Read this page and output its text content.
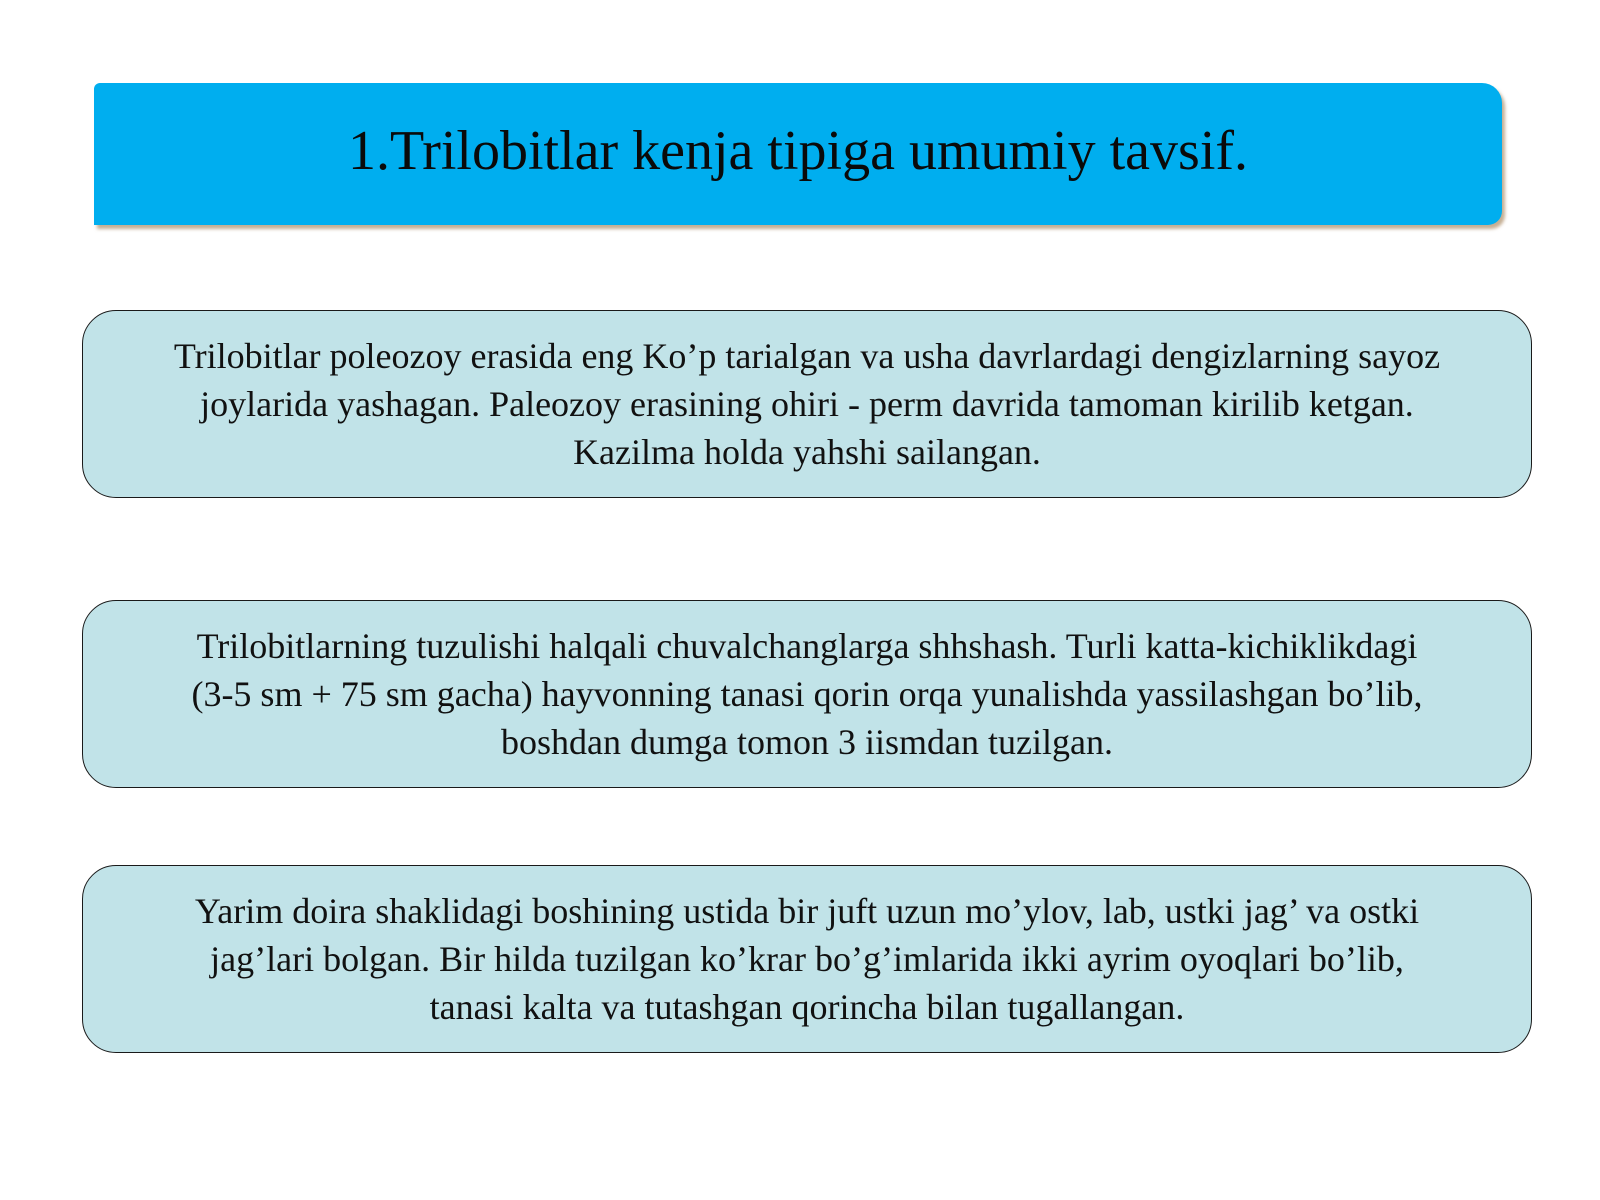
1.Trilobitlar kenja tipiga umumiy tavsif.
Trilobitlar poleozoy erasida eng Ko’p tarialgan va usha davrlardagi dengizlarning sayoz
joylarida yashagan. Paleozoy erasining ohiri - perm davrida tamoman kirilib ketgan.
Kazilma holda yahshi sailangan.
Trilobitlarning tuzulishi halqali chuvalchanglarga shhshash. Turli katta-kichiklikdagi
(3-5 sm + 75 sm gacha) hayvonning tanasi qorin orqa yunalishda yassilashgan bo’lib,
boshdan dumga tomon 3 iismdan tuzilgan.
Yarim doira shaklidagi boshining ustida bir juft uzun mo’ylov, lab, ustki jag’ va ostki
jag’lari bolgan. Bir hilda tuzilgan ko’krar bo’g’imlarida ikki ayrim oyoqlari bo’lib,
tanasi kalta va tutashgan qorincha bilan tugallangan.
